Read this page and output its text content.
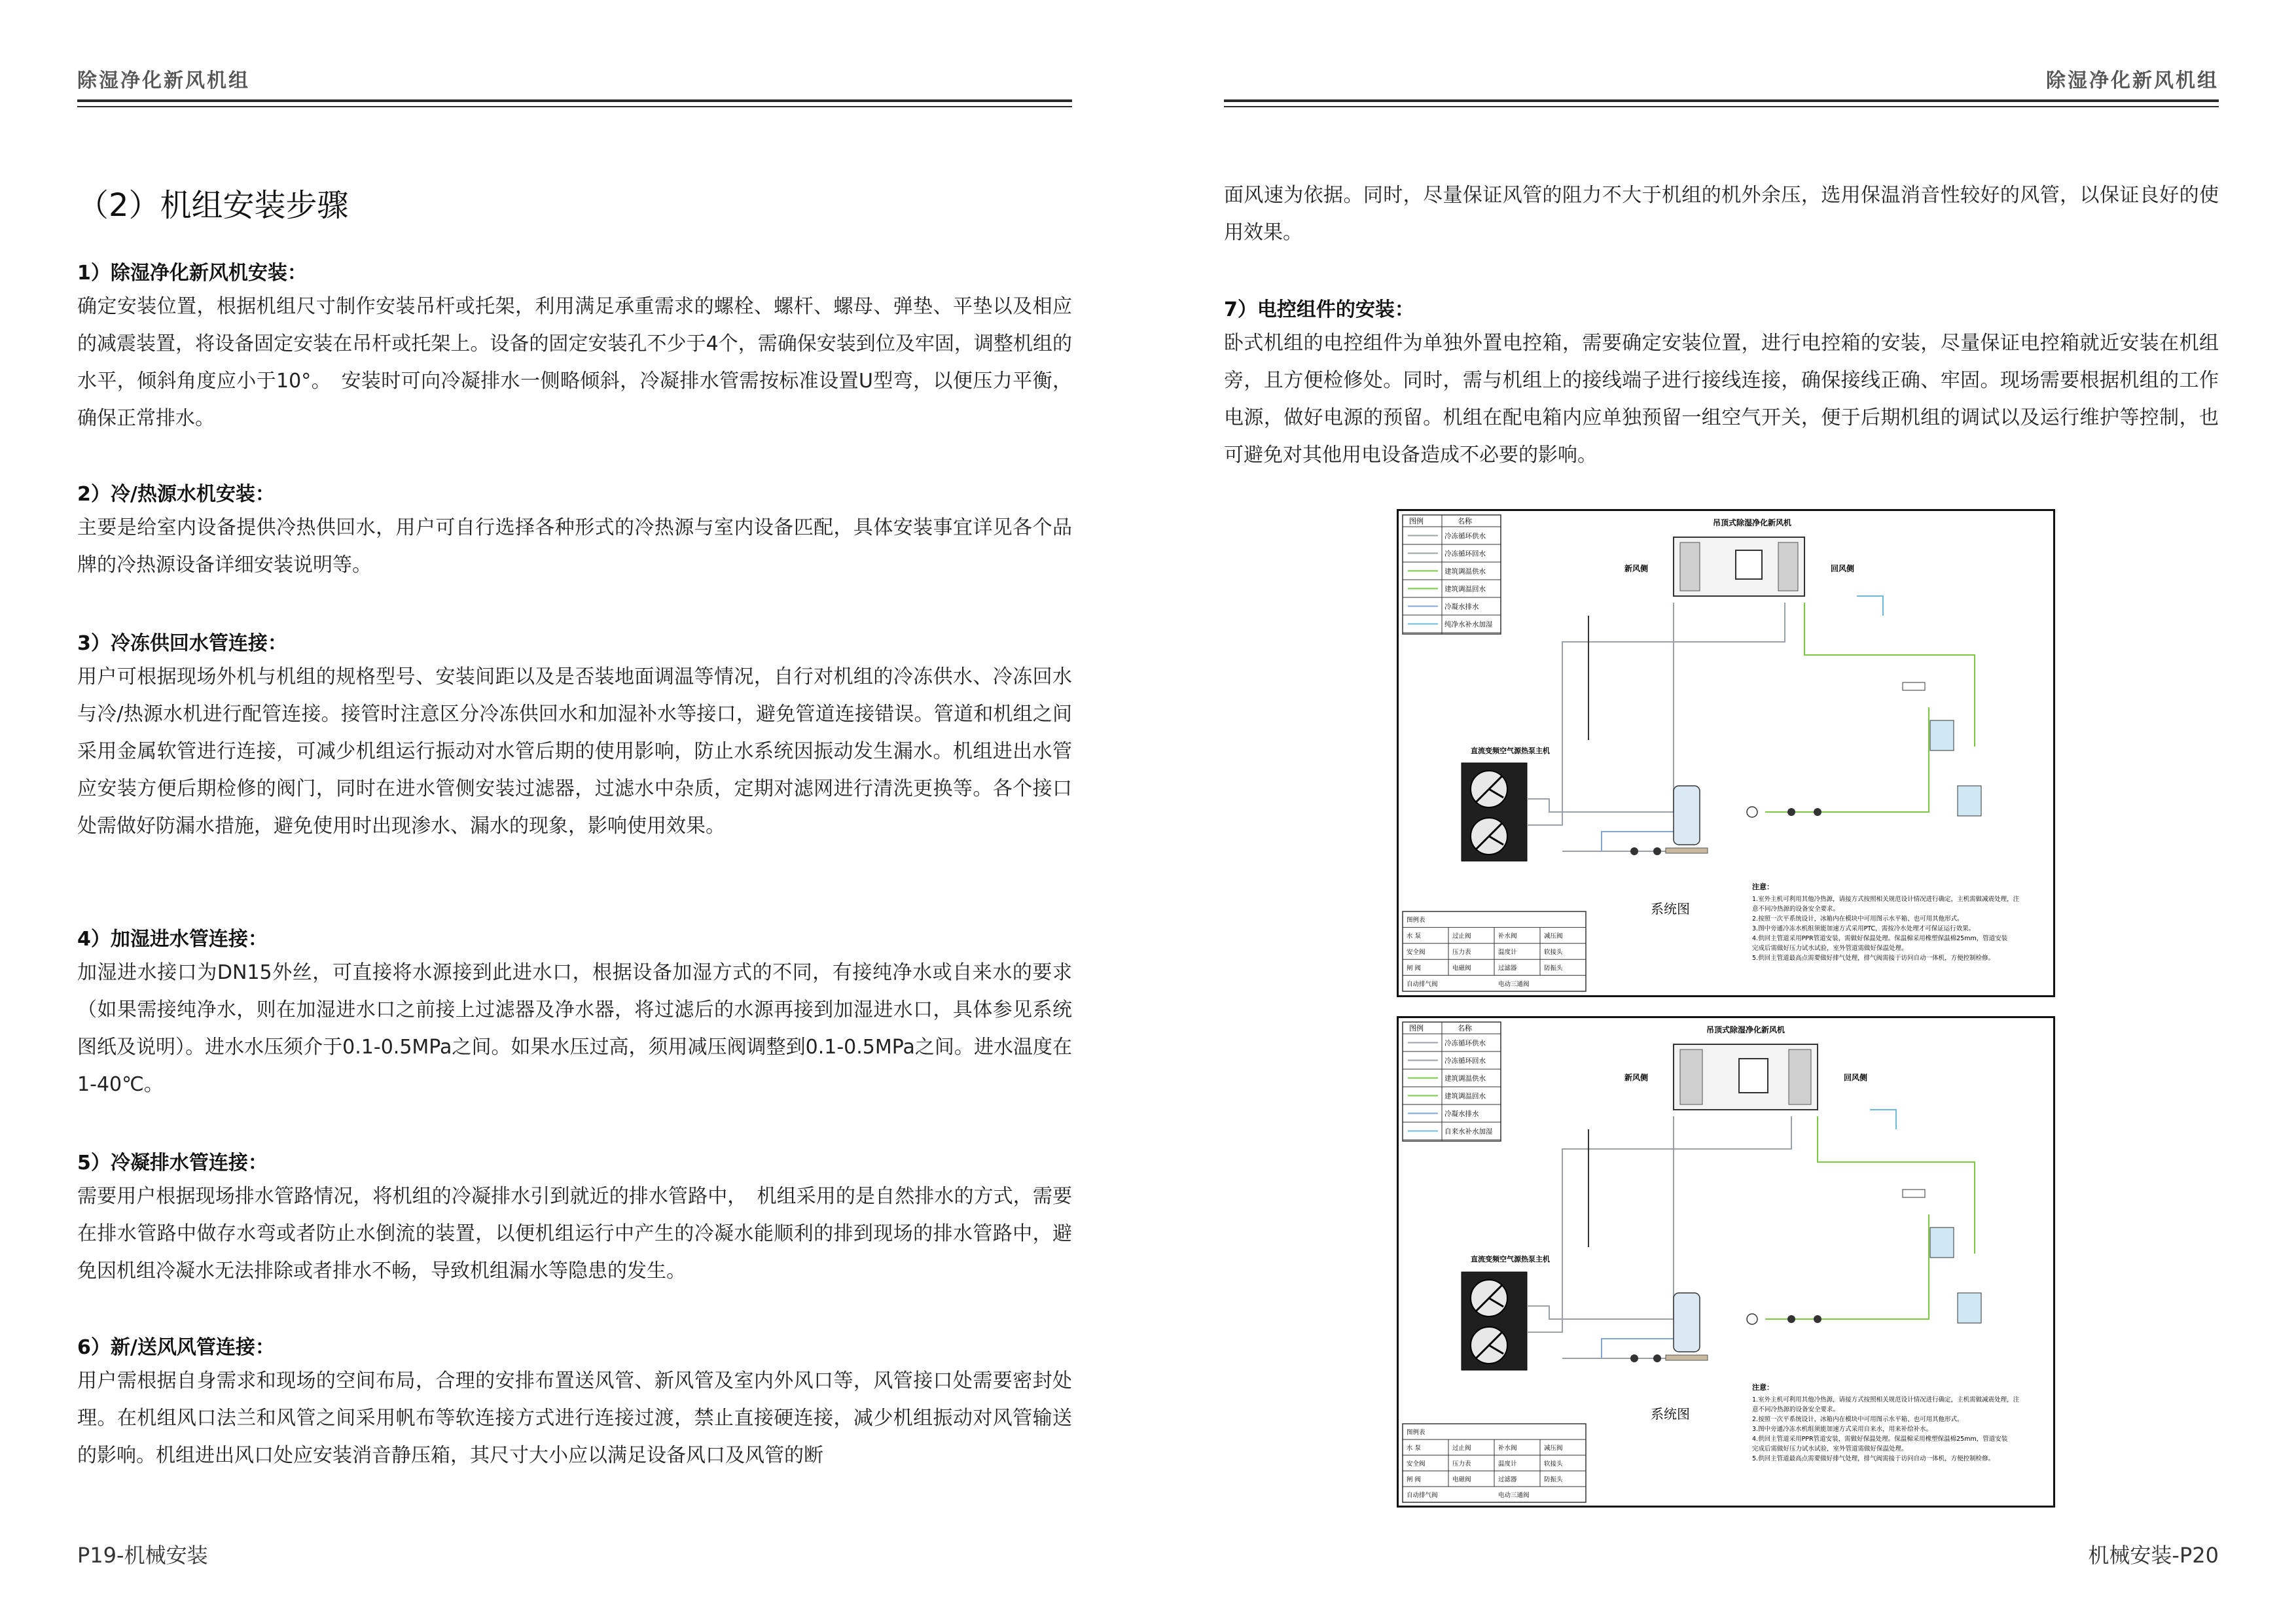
除湿净化新风机组
（2）机组安装步骤
1）除湿净化新风机安装：
确定安装位置，根据机组尺寸制作安装吊杆或托架，利用满足承重需求的螺栓、螺杆、螺母、弹垫、平垫以及相应的减震装置，将设备固定安装在吊杆或托架上。设备的固定安装孔不少于4个，需确保安装到位及牢固，调整机组的水平，倾斜角度应小于10°。　安装时可向冷凝排水一侧略倾斜，冷凝排水管需按标准设置U型弯，以便压力平衡，确保正常排水。
2）冷/热源水机安装：
主要是给室内设备提供冷热供回水，用户可自行选择各种形式的冷热源与室内设备匹配，具体安装事宜详见各个品牌的冷热源设备详细安装说明等。
3）冷冻供回水管连接：
用户可根据现场外机与机组的规格型号、安装间距以及是否装地面调温等情况，自行对机组的冷冻供水、冷冻回水与冷/热源水机进行配管连接。接管时注意区分冷冻供回水和加湿补水等接口，避免管道连接错误。管道和机组之间采用金属软管进行连接，可减少机组运行振动对水管后期的使用影响，防止水系统因振动发生漏水。机组进出水管应安装方便后期检修的阀门，同时在进水管侧安装过滤器，过滤水中杂质，定期对滤网进行清洗更换等。各个接口处需做好防漏水措施，避免使用时出现渗水、漏水的现象，影响使用效果。
4）加湿进水管连接：
加湿进水接口为DN15外丝，可直接将水源接到此进水口，根据设备加湿方式的不同，有接纯净水或自来水的要求（如果需接纯净水，则在加湿进水口之前接上过滤器及净水器，将过滤后的水源再接到加湿进水口，具体参见系统图纸及说明）。进水水压须介于0.1-0.5MPa之间。如果水压过高，须用减压阀调整到0.1-0.5MPa之间。进水温度在1-40℃。
5）冷凝排水管连接：
需要用户根据现场排水管路情况，将机组的冷凝排水引到就近的排水管路中，　机组采用的是自然排水的方式，需要在排水管路中做存水弯或者防止水倒流的装置，以便机组运行中产生的冷凝水能顺利的排到现场的排水管路中，避免因机组冷凝水无法排除或者排水不畅，导致机组漏水等隐患的发生。
6）新/送风风管连接：
用户需根据自身需求和现场的空间布局，合理的安排布置送风管、新风管及室内外风口等，风管接口处需要密封处理。在机组风口法兰和风管之间采用帆布等软连接方式进行连接过渡，禁止直接硬连接，减少机组振动对风管输送的影响。机组进出风口处应安装消音静压箱，其尺寸大小应以满足设备风口及风管的断
P19-机械安装
除湿净化新风机组
面风速为依据。同时，尽量保证风管的阻力不大于机组的机外余压，选用保温消音性较好的风管，以保证良好的使用效果。
7）电控组件的安装：
卧式机组的电控组件为单独外置电控箱，需要确定安装位置，进行电控箱的安装，尽量保证电控箱就近安装在机组旁，且方便检修处。同时，需与机组上的接线端子进行接线连接，确保接线正确、牢固。现场需要根据机组的工作电源，做好电源的预留。机组在配电箱内应单独预留一组空气开关，便于后期机组的调试以及运行维护等控制，也可避免对其他用电设备造成不必要的影响。
图例	名称
冷冻循环供水
冷冻循环回水
建筑调温供水
建筑调温回水
冷凝水排水
纯净水补水加湿
吊顶式除湿净化新风机
新风侧	回风侧
直流变频空气源热泵主机
系统图
注意：
1.室外主机可利用其他冷热源，请接方式按照相关规范设计情况进行确定，主机需做减震处理，注
意不同冷热源的设备安全要求。
2.按照一次平系统设计，冰箱内在模块中可用图示水平箱、也可用其他形式。
3.图中旁通冷冻水机组须能加速方式采用PTC，需按冷水处理才可保证运行效果。
4.供回主管道采用PPR管道安装，需做好保温处理。保温棉采用橡塑保温棉25mm，管道安装
完成后需做好压力试水试验，室外管道需做好保温处理。
5.供回主管道最高点需要做好排气处理，排气阀需接于访问自动一体机，方便控制检修。
图例表
水 泵	过止阀	补水阀	减压阀
安全阀	压力表	温度计	软接头
闸 阀	电磁阀	过滤器	防振头
自动排气阀	电动三通阀
图例	名称
冷冻循环供水
冷冻循环回水
建筑调温供水
建筑调温回水
冷凝水排水
自来水补水加湿
吊顶式除湿净化新风机
新风侧	回风侧
直流变频空气源热泵主机
系统图
注意：
1.室外主机可利用其他冷热源，请接方式按照相关规范设计情况进行确定，主机需做减震处理，注
意不同冷热源的设备安全要求。
2.按照一次平系统设计，冰箱内在模块中可用图示水平箱、也可用其他形式。
3.图中旁通冷冻水机组须能加速方式采用自来水，用来补给补水。
4.供回主管道采用PPR管道安装，需做好保温处理。保温棉采用橡塑保温棉25mm，管道安装
完成后需做好压力试水试验，室外管道需做好保温处理。
5.供回主管道最高点需要做好排气处理，排气阀需接于访问自动一体机，方便控制检修。
图例表
水 泵	过止阀	补水阀	减压阀
安全阀	压力表	温度计	软接头
闸 阀	电磁阀	过滤器	防振头
自动排气阀	电动三通阀
机械安装-P20
